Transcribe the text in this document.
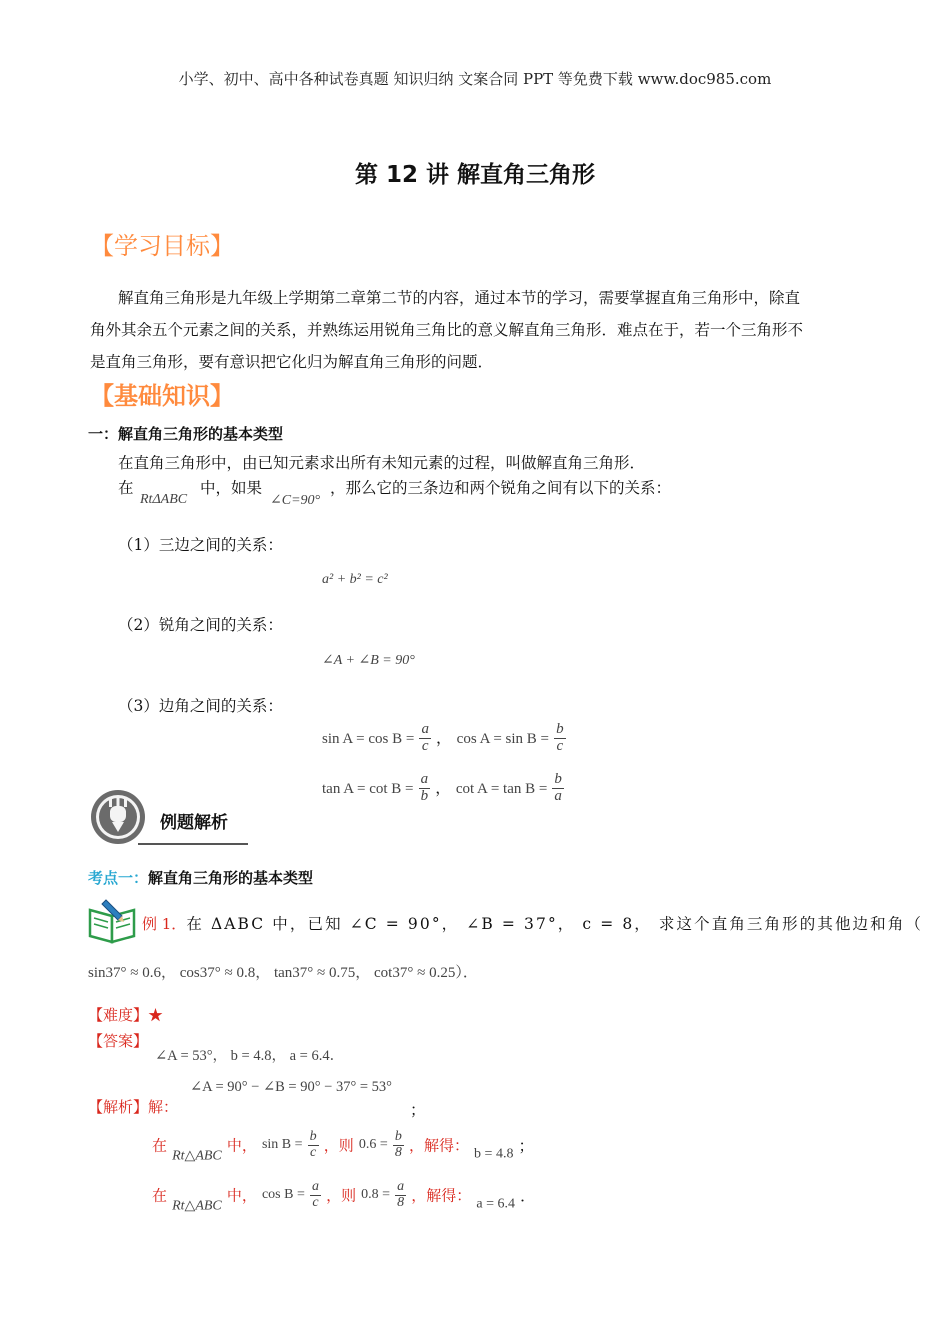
小学、初中、高中各种试卷真题 知识归纳 文案合同 PPT 等免费下载 www.doc985.com
第 12 讲 解直角三角形
【学习目标】
解直角三角形是九年级上学期第二章第二节的内容，通过本节的学习，需要掌握直角三角形中，除直
角外其余五个元素之间的关系，并熟练运用锐角三角比的意义解直角三角形．难点在于，若一个三角形不
是直角三角形，要有意识把它化归为解直角三角形的问题．
【基础知识】
一：解直角三角形的基本类型
在直角三角形中，由已知元素求出所有未知元素的过程，叫做解直角三角形．
在
RtΔABC
中，如果
∠C=90°
，那么它的三条边和两个锐角之间有以下的关系：
（1）三边之间的关系：
a² + b² = c²
（2）锐角之间的关系：
∠A + ∠B = 90°
（3）边角之间的关系：
$\sin A = \cos B = \frac{a}{c}$ ， $\cos A = \sin B = \frac{b}{c}$
$\tan A = \cot B = \frac{a}{b}$ ， $\cot A = \tan B = \frac{b}{a}$
例题解析
考点一：解直角三角形的基本类型
例 1．在 ΔABC 中，已知 ∠C = 90°， ∠B = 37°， c = 8， 求这个直角三角形的其他边和角（
sin37° ≈ 0.6， cos37° ≈ 0.8， tan37° ≈ 0.75， cot37° ≈ 0.25）．
【难度】★
【答案】
∠A = 53°， b = 4.8， a = 6.4．
【解析】解：
∠A = 90° − ∠B = 90° − 37° = 53°
；
在 Rt△ABC 中， $\sin B = \frac{b}{c}$ ，则 $0.6 = \frac{b}{8}$ ，解得： b = 4.8 ；
在 Rt△ABC 中， $\cos B = \frac{a}{c}$ ，则 $0.8 = \frac{a}{8}$ ，解得： a = 6.4 ．
